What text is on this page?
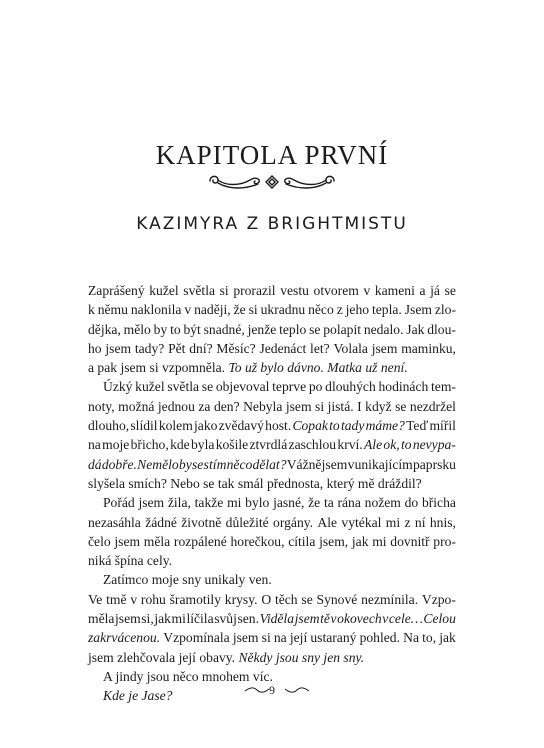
KAPITOLA PRVNÍ
KAZIMYRA Z BRIGHTMISTU
Zaprášený kužel světla si prorazil vestu otvorem v kameni a já se
k němu naklonila v naději, že si ukradnu něco z jeho tepla. Jsem zlo-
dějka, mělo by to být snadné, jenže teplo se polapit nedalo. Jak dlou-
ho jsem tady? Pět dní? Měsíc? Jedenáct let? Volala jsem maminku,
a pak jsem si vzpomněla. To už bylo dávno. Matka už není.
Úzký kužel světla se objevoval teprve po dlouhých hodinách tem-
noty, možná jednou za den? Nebyla jsem si jistá. I když se nezdržel
dlouho, slídil kolem jako zvědavý host. Copak to tady máme? Teď mířil
na moje břicho, kde byla košile ztvrdlá zaschlou krví. Ale ok, to nevypa-
dá dobře. Nemělo by se s tím něco dělat? Vážně jsem v unikajícím paprsku
slyšela smích? Nebo se tak smál přednosta, který mě dráždil?
Pořád jsem žila, takže mi bylo jasné, že ta rána nožem do břicha
nezasáhla žádné životně důležité orgány. Ale vytékal mi z ní hnis,
čelo jsem měla rozpálené horečkou, cítila jsem, jak mi dovnitř pro-
niká špína cely.
Zatímco moje sny unikaly ven.
Ve tmě v rohu šramotily krysy. O těch se Synové nezmínila. Vzpo-
měla jsem si, jak mi líčila svůj sen. Viděla jsem tě v okovech v cele… Celou
zakrvácenou. Vzpomínala jsem si na její ustaraný pohled. Na to, jak
jsem zlehčovala její obavy. Někdy jsou sny jen sny.
A jindy jsou něco mnohem víc.
Kde je Jase?	9
